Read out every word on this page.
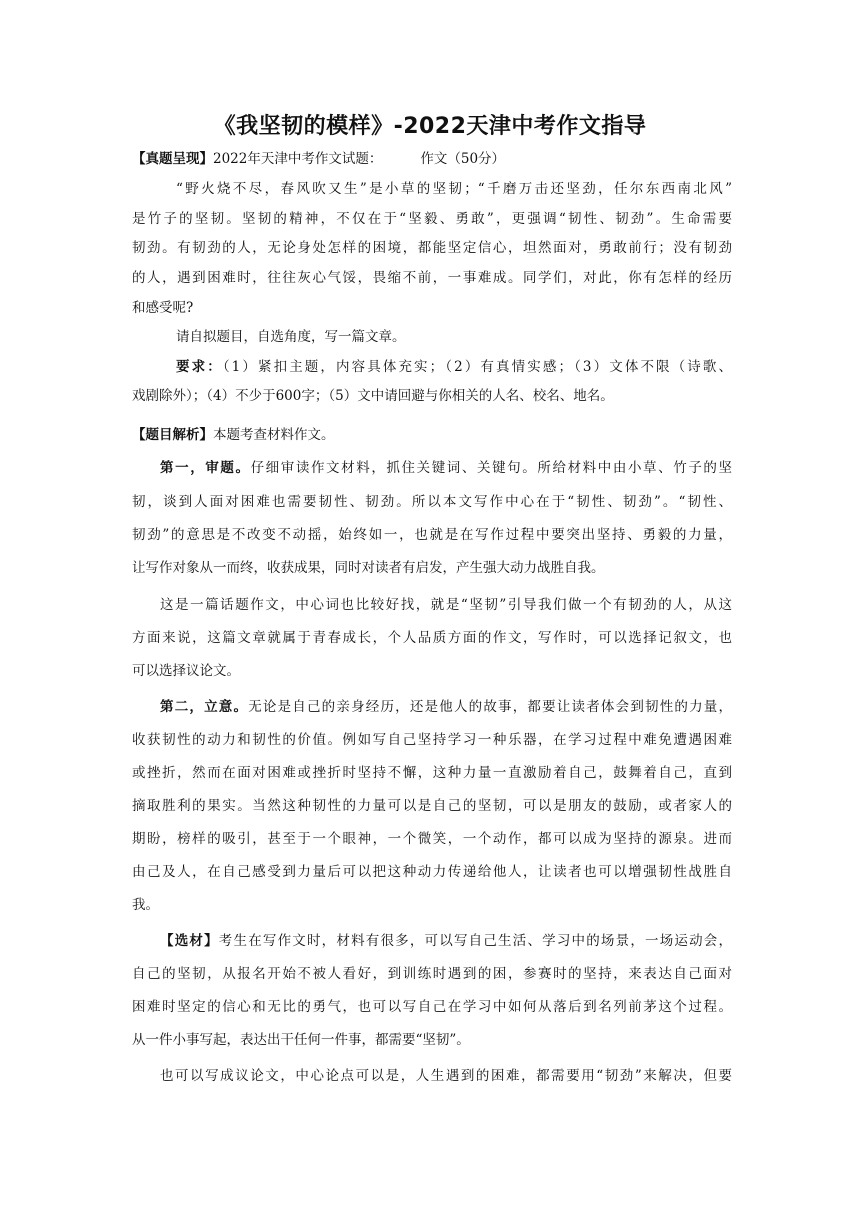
《我坚韧的模样》-2022天津中考作文指导
【真题呈现】2022年天津中考作文试题：	作文（50分）
“野火烧不尽，春风吹又生”是小草的坚韧；“千磨万击还坚劲，任尔东西南北风”
是竹子的坚韧。坚韧的精神，不仅在于“坚毅、勇敢”，更强调“韧性、韧劲”。生命需要
韧劲。有韧劲的人，无论身处怎样的困境，都能坚定信心，坦然面对，勇敢前行；没有韧劲
的人，遇到困难时，往往灰心气馁，畏缩不前，一事难成。同学们，对此，你有怎样的经历
和感受呢?
请自拟题目，自选角度，写一篇文章。
要求：（1）紧扣主题，内容具体充实；（2）有真情实感；（3）文体不限（诗歌、
戏剧除外）；（4）不少于600字；（5）文中请回避与你相关的人名、校名、地名。
【题目解析】本题考查材料作文。
第一，审题。仔细审读作文材料，抓住关键词、关键句。所给材料中由小草、竹子的坚
韧，谈到人面对困难也需要韧性、韧劲。所以本文写作中心在于“韧性、韧劲”。“韧性、
韧劲”的意思是不改变不动摇，始终如一，也就是在写作过程中要突出坚持、勇毅的力量，
让写作对象从一而终，收获成果，同时对读者有启发，产生强大动力战胜自我。
这是一篇话题作文，中心词也比较好找，就是“坚韧”引导我们做一个有韧劲的人，从这
方面来说，这篇文章就属于青春成长，个人品质方面的作文，写作时，可以选择记叙文，也
可以选择议论文。
第二，立意。无论是自己的亲身经历，还是他人的故事，都要让读者体会到韧性的力量，
收获韧性的动力和韧性的价值。例如写自己坚持学习一种乐器，在学习过程中难免遭遇困难
或挫折，然而在面对困难或挫折时坚持不懈，这种力量一直激励着自己，鼓舞着自己，直到
摘取胜利的果实。当然这种韧性的力量可以是自己的坚韧，可以是朋友的鼓励，或者家人的
期盼，榜样的吸引，甚至于一个眼神，一个微笑，一个动作，都可以成为坚持的源泉。进而
由己及人，在自己感受到力量后可以把这种动力传递给他人，让读者也可以增强韧性战胜自
我。
【选材】考生在写作文时，材料有很多，可以写自己生活、学习中的场景，一场运动会，
自己的坚韧，从报名开始不被人看好，到训练时遇到的困，参赛时的坚持，来表达自己面对
困难时坚定的信心和无比的勇气，也可以写自己在学习中如何从落后到名列前茅这个过程。
从一件小事写起，表达出干任何一件事，都需要“坚韧”。
也可以写成议论文，中心论点可以是，人生遇到的困难，都需要用“韧劲”来解决，但要
